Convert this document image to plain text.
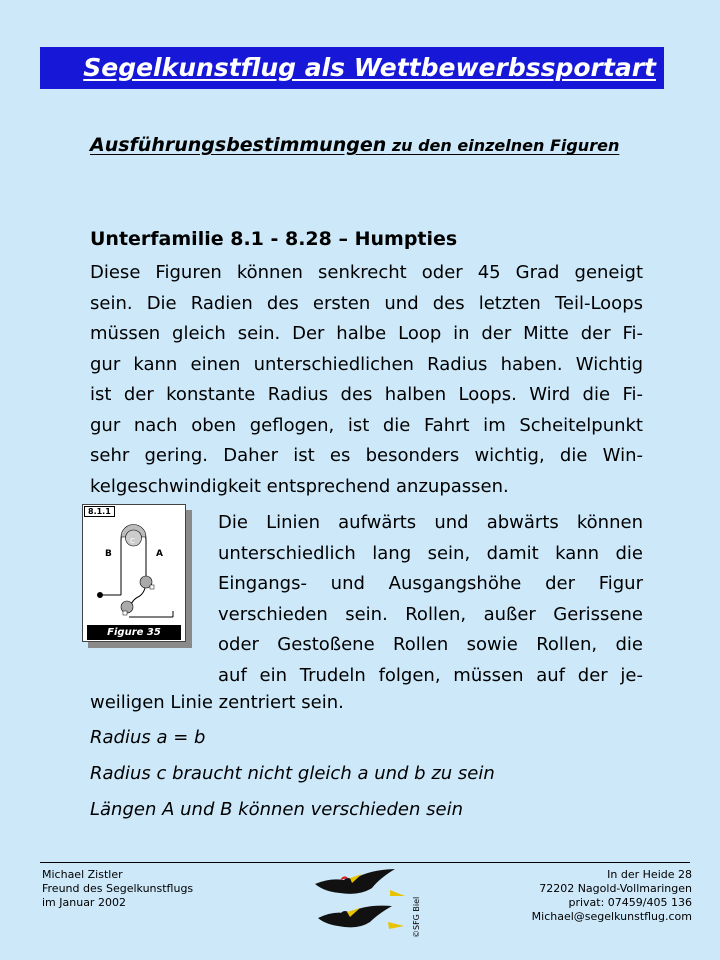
Segelkunstflug als Wettbewerbssportart
Ausführungsbestimmungen zu den einzelnen Figuren
Unterfamilie 8.1 - 8.28 – Humpties
Diese Figuren können senkrecht oder 45 Grad geneigt
sein. Die Radien des ersten und des letzten Teil-Loops
müssen gleich sein. Der halbe Loop in der Mitte der Fi-
gur kann einen unterschiedlichen Radius haben. Wichtig
ist der konstante Radius des halben Loops. Wird die Fi-
gur nach oben geflogen, ist die Fahrt im Scheitelpunkt
sehr gering. Daher ist es besonders wichtig, die Win-
kelgeschwindigkeit entsprechend anzupassen.
B	A
C
8.1.1
Figure 35
Die Linien aufwärts und abwärts können
unterschiedlich lang sein, damit kann die
Eingangs- und Ausgangshöhe der Figur
verschieden sein. Rollen, außer Gerissene
oder Gestoßene Rollen sowie Rollen, die
auf ein Trudeln folgen, müssen auf der je-
weiligen Linie zentriert sein.
Radius a = b
Radius c braucht nicht gleich a und b zu sein
Längen A und B können verschieden sein
Michael Zistler
Freund des Segelkunstflugs
im Januar 2002	©SFG Biel
In der Heide 28
72202 Nagold-Vollmaringen
privat: 07459/405 136
Michael@segelkunstflug.com
